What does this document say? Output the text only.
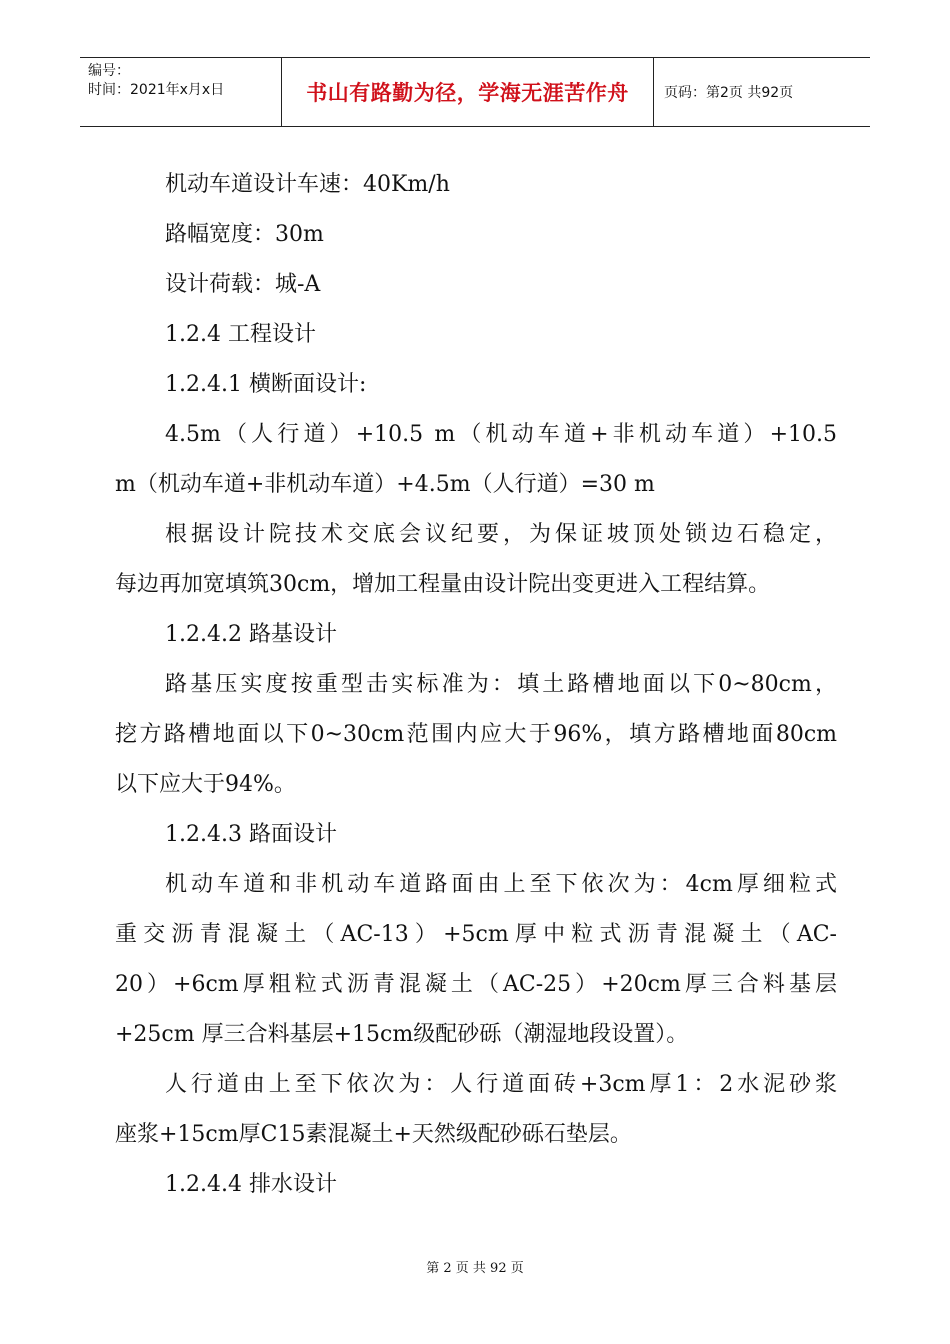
编号：
时间：2021年x月x日	书山有路勤为径，学海无涯苦作舟	页码：第2页 共92页

机动车道设计车速：40Km/h

路幅宽度：30m

设计荷载：城-A

1.2.4 工程设计

1.2.4.1 横断面设计:

4.5m（人行道）+10.5 m（机动车道+非机动车道）+10.5

m（机动车道+非机动车道）+4.5m（人行道）=30 m

根据设计院技术交底会议纪要，为保证坡顶处锁边石稳定，

每边再加宽填筑30cm，增加工程量由设计院出变更进入工程结算。

1.2.4.2 路基设计

路基压实度按重型击实标准为：填土路槽地面以下0~80cm，

挖方路槽地面以下0~30cm范围内应大于96%，填方路槽地面80cm

以下应大于94%。

1.2.4.3 路面设计

机动车道和非机动车道路面由上至下依次为：4cm厚细粒式

重交沥青混凝土（AC-13）+5cm厚中粒式沥青混凝土（AC-

20）+6cm厚粗粒式沥青混凝土（AC-25）+20cm厚三合料基层

+25cm 厚三合料基层+15cm级配砂砾（潮湿地段设置）。

人行道由上至下依次为：人行道面砖+3cm厚1：2水泥砂浆

座浆+15cm厚C15素混凝土+天然级配砂砾石垫层。

1.2.4.4 排水设计

第 2 页 共 92 页
